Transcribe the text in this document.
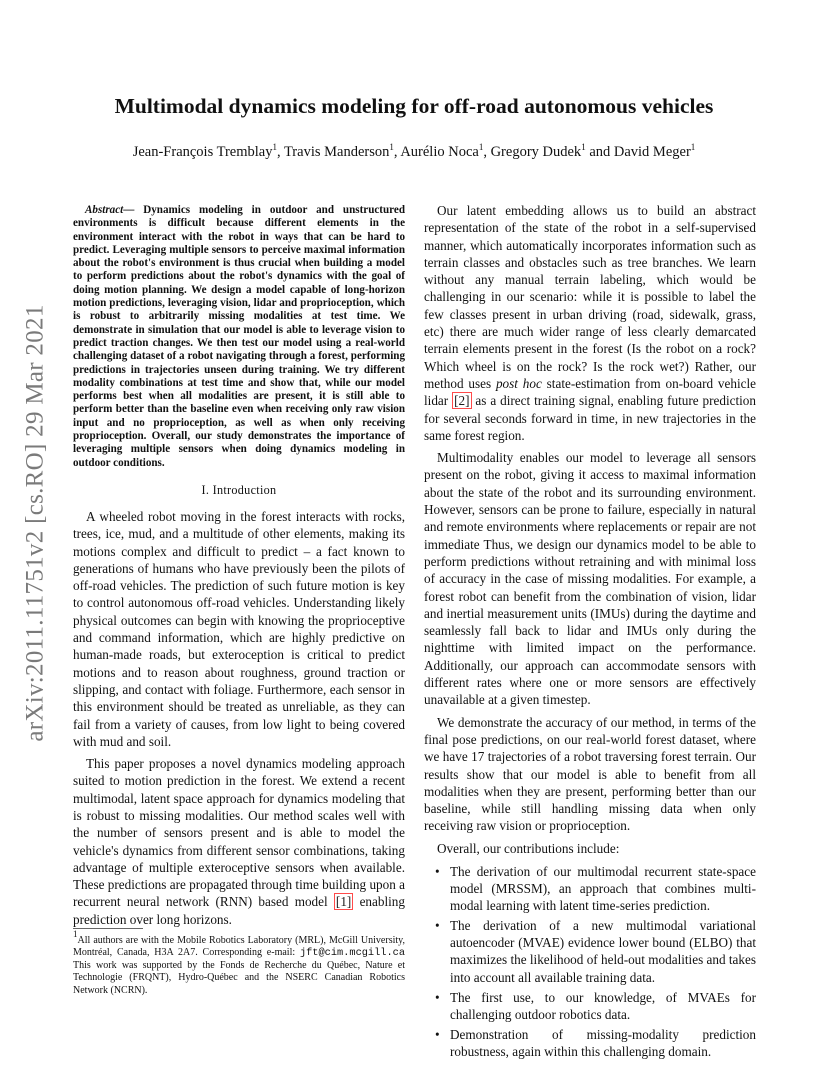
arXiv:2011.11751v2 [cs.RO] 29 Mar 2021
Multimodal dynamics modeling for off-road autonomous vehicles

Jean-François Tremblay$^1$, Travis Manderson$^1$, Aurélio Noca$^1$, Gregory Dudek$^1$ and David Meger$^1$

Abstract— Dynamics modeling in outdoor and unstructured environments is difficult because different elements in the environment interact with the robot in ways that can be hard to predict. Leveraging multiple sensors to perceive maximal information about the robot's environment is thus crucial when building a model to perform predictions about the robot's dynamics with the goal of doing motion planning. We design a model capable of long-horizon motion predictions, leveraging vision, lidar and proprioception, which is robust to arbitrarily missing modalities at test time. We demonstrate in simulation that our model is able to leverage vision to predict traction changes. We then test our model using a real-world challenging dataset of a robot navigating through a forest, performing predictions in trajectories unseen during training. We try different modality combinations at test time and show that, while our model performs best when all modalities are present, it is still able to perform better than the baseline even when receiving only raw vision input and no proprioception, as well as when only receiving proprioception. Overall, our study demonstrates the importance of leveraging multiple sensors when doing dynamics modeling in outdoor conditions.

I. Introduction

A wheeled robot moving in the forest interacts with rocks, trees, ice, mud, and a multitude of other elements, making its motions complex and difficult to predict – a fact known to generations of humans who have previously been the pilots of off-road vehicles. The prediction of such future motion is key to control autonomous off-road vehicles. Understanding likely physical outcomes can begin with knowing the proprioceptive and command information, which are highly predictive on human-made roads, but exteroception is critical to predict motions and to reason about roughness, ground traction or slipping, and contact with foliage. Furthermore, each sensor in this environment should be treated as unreliable, as they can fail from a variety of causes, from low light to being covered with mud and soil.

This paper proposes a novel dynamics modeling approach suited to motion prediction in the forest. We extend a recent multimodal, latent space approach for dynamics modeling that is robust to missing modalities. Our method scales well with the number of sensors present and is able to model the vehicle's dynamics from different sensor combinations, taking advantage of multiple exteroceptive sensors when available. These predictions are propagated through time building upon a recurrent neural network (RNN) based model [1] enabling prediction over long horizons.

$^1$All authors are with the Mobile Robotics Laboratory (MRL), McGill University, Montréal, Canada, H3A 2A7. Corresponding e-mail: jft@cim.mcgill.ca This work was supported by the Fonds de Recherche du Québec, Nature et Technologie (FRQNT), Hydro-Québec and the NSERC Canadian Robotics Network (NCRN).

Our latent embedding allows us to build an abstract representation of the state of the robot in a self-supervised manner, which automatically incorporates information such as terrain classes and obstacles such as tree branches. We learn without any manual terrain labeling, which would be challenging in our scenario: while it is possible to label the few classes present in urban driving (road, sidewalk, grass, etc) there are much wider range of less clearly demarcated terrain elements present in the forest (Is the robot on a rock? Which wheel is on the rock? Is the rock wet?) Rather, our method uses post hoc state-estimation from on-board vehicle lidar [2] as a direct training signal, enabling future prediction for several seconds forward in time, in new trajectories in the same forest region.

Multimodality enables our model to leverage all sensors present on the robot, giving it access to maximal information about the state of the robot and its surrounding environment. However, sensors can be prone to failure, especially in natural and remote environments where replacements or repair are not immediate Thus, we design our dynamics model to be able to perform predictions without retraining and with minimal loss of accuracy in the case of missing modalities. For example, a forest robot can benefit from the combination of vision, lidar and inertial measurement units (IMUs) during the daytime and seamlessly fall back to lidar and IMUs only during the nighttime with limited impact on the performance. Additionally, our approach can accommodate sensors with different rates where one or more sensors are effectively unavailable at a given timestep.

We demonstrate the accuracy of our method, in terms of the final pose predictions, on our real-world forest dataset, where we have 17 trajectories of a robot traversing forest terrain. Our results show that our model is able to benefit from all modalities when they are present, performing better than our baseline, while still handling missing data when only receiving raw vision or proprioception.

Overall, our contributions include:

• The derivation of our multimodal recurrent state-space model (MRSSM), an approach that combines multi-modal learning with latent time-series prediction.
• The derivation of a new multimodal variational autoencoder (MVAE) evidence lower bound (ELBO) that maximizes the likelihood of held-out modalities and takes into account all available training data.
• The first use, to our knowledge, of MVAEs for challenging outdoor robotics data.
• Demonstration of missing-modality prediction robustness, again within this challenging domain.
